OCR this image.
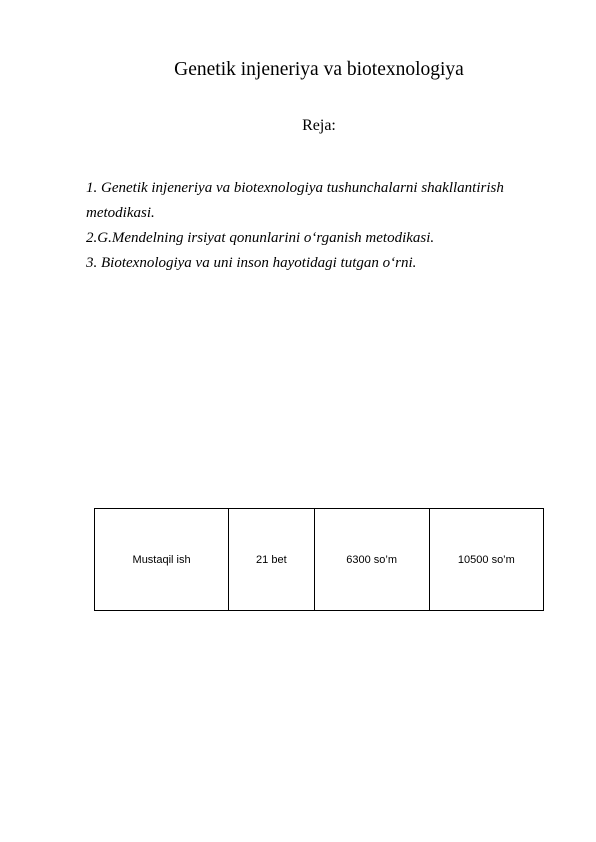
Genetik injeneriya va biotexnologiya
Reja:
1. Genetik injeneriya va biotexnologiya tushunchalarni shakllantirish
metodikasi.
2.G.Mendelning irsiyat qonunlarini o‘rganish metodikasi.
3. Biotexnologiya va uni inson hayotidagi tutgan o‘rni.
Mustaqil ish	21 bet	6300 so’m	10500 so’m
